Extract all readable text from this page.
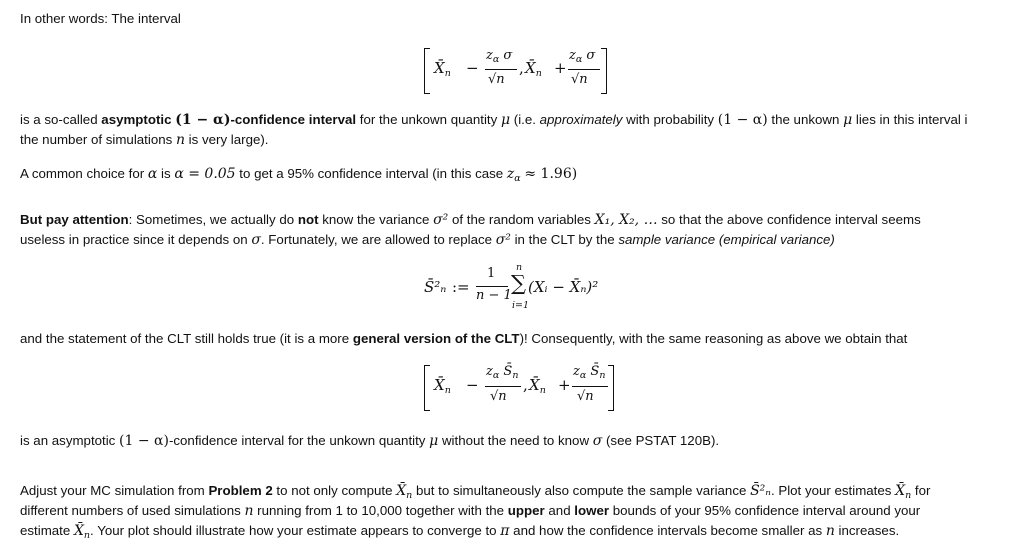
In other words: The interval
$X̄_n$ −
$z_\alpha$ σ
√n
, $X̄_n$ +
$z_\alpha$ σ
√n
is a so-called asymptotic (1 − α)-confidence interval for the unkown quantity μ (i.e. approximately with probability (1 − α) the unkown μ lies in this interval i
the number of simulations n is very large).
A common choice for α is α = 0.05 to get a 95% confidence interval (in this case $z_\alpha \approx 1.96$)
But pay attention: Sometimes, we actually do not know the variance σ² of the random variables X₁, X₂, … so that the above confidence interval seems
useless in practice since it depends on σ. Fortunately, we are allowed to replace σ² in the CLT by the sample variance (empirical variance)
S̄²ₙ :=
1
n − 1
n
∑
i=1
(Xᵢ − X̄ₙ)²
and the statement of the CLT still holds true (it is a more general version of the CLT)! Consequently, with the same reasoning as above we obtain that
$X̄_n$ −
$z_\alpha$ $S̄_n$
√n
, $X̄_n$ +
$z_\alpha$ $S̄_n$
√n
is an asymptotic (1 − α)-confidence interval for the unkown quantity μ without the need to know σ (see PSTAT 120B).
Adjust your MC simulation from Problem 2 to not only compute $X̄_n$ but to simultaneously also compute the sample variance S̄²ₙ. Plot your estimates $X̄_n$ for
different numbers of used simulations n running from 1 to 10,000 together with the upper and lower bounds of your 95% confidence interval around your
estimate $X̄_n$. Your plot should illustrate how your estimate appears to converge to π and how the confidence intervals become smaller as n increases.
